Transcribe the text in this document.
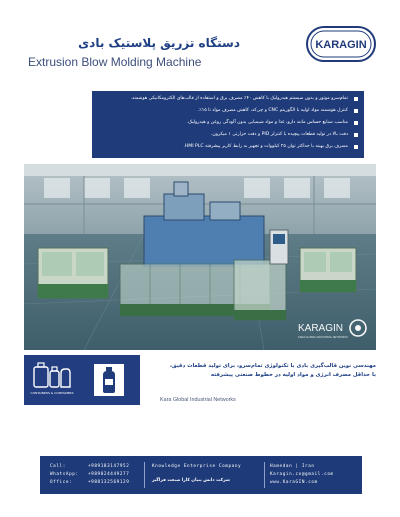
دستگاه تزریق پلاستیک بادی
Extrusion Blow Molding Machine
KARAGIN
تمام‌سرو موتور و بدون سیستم هیدرولیک با کاهش ۴۰٪ مصرف برق و استفاده از قالب‌های الکترومکانیکی هوشمند.
کنترل هوشمند مواد اولیه با الگوریتم CNC و چی‌کد، کاهش مصرف مواد تا ۱۵٪.
مناسب صنایع حساس مانند دارو، غذا و مواد شیمیایی بدون آلودگی روغن و هیدرولیک.
دقت بالا در تولید قطعات پیچیده با کنترلر PID و دقت حرارتی ۱ میکرون.
مصرف برق بهینه با حداکثر توان ۲۵ کیلووات و تجهیز به رابط کاربر پیشرفته HMI PLC.
KARAGIN
KARA GLOBAL INDUSTRIAL NETWORKS
CONTAINERS & CONTAINERS
مهندسی نوین قالب‌گیری بادی با تکنولوژی تمام‌سرو، برای تولید قطعات دقیق،
با حداقل مصرف انرژی و مواد اولیه در خطوط صنعتی پیشرفته
Kara Global Industrial Networks
Call:	+989183147952
WhatsApp: +989024449277
Office:	+988132569129
Knowledge Enterprise Company
شرکت دانش بنیان کارا صنعت فراگیر
Hamedan | Iran
Karagin.co@gmail.com
www.KaraGIN.com
